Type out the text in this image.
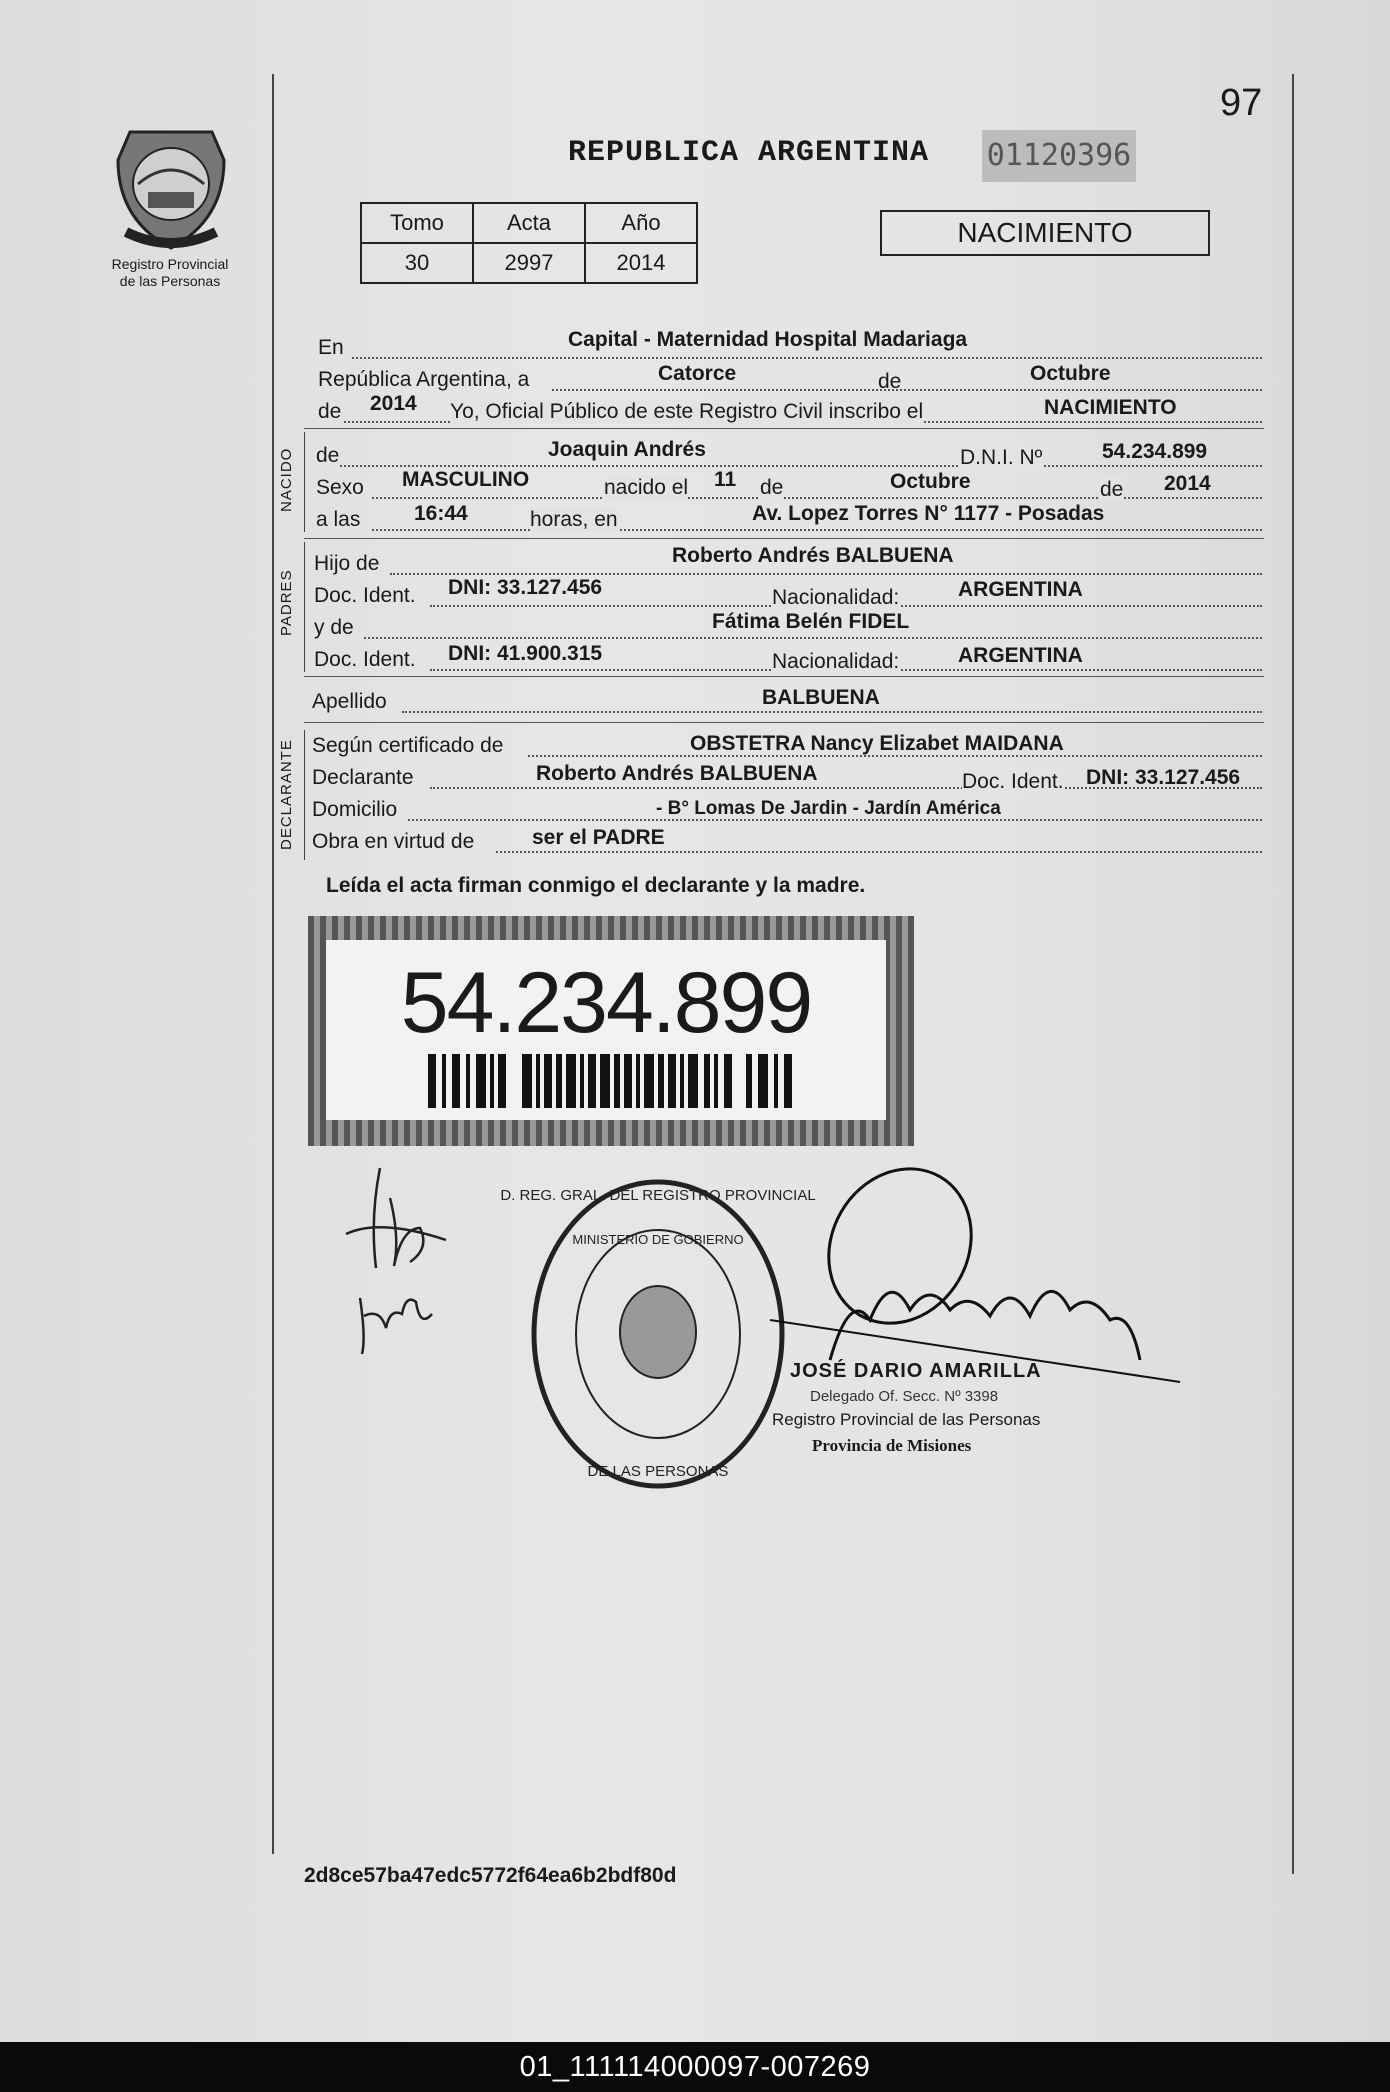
Registro Provincial
de las Personas
97
REPUBLICA ARGENTINA 01120396
Tomo	Acta	Año
30	2997	2014
NACIMIENTO
En	Capital - Maternidad Hospital Madariaga
República Argentina, a	Catorce	de	Octubre
de 2014 Yo, Oficial Público de este Registro Civil inscribo el	NACIMIENTO
NACIDO de	Joaquin Andrés	D.N.I. Nº	54.234.899
Sexo MASCULINO	nacido el 11 de	Octubre	de 2014
a las	16:44	horas, en	Av. Lopez Torres N° 1177 - Posadas
PADRES
Hijo de	Roberto Andrés BALBUENA
Doc. Ident. DNI: 33.127.456	Nacionalidad:	ARGENTINA
y de	Fátima Belén FIDEL
Doc. Ident. DNI: 41.900.315	Nacionalidad:	ARGENTINA
Apellido	BALBUENA
DECLARANTE Según certificado de	OBSTETRA Nancy Elizabet MAIDANA
Declarante	Roberto Andrés BALBUENA	Doc. Ident. DNI: 33.127.456
Domicilio	- B° Lomas De Jardin - Jardín América
Obra en virtud de	ser el PADRE
Leída el acta firman conmigo el declarante y la madre.
54.234.899
D. REG. GRAL. DEL REGISTRO PROVINCIAL
DE LAS PERSONAS
MINISTERIO DE GOBIERNO
JOSÉ DARIO AMARILLA
Delegado Of. Secc. Nº 3398
Registro Provincial de las Personas
Provincia de Misiones
2d8ce57ba47edc5772f64ea6b2bdf80d
01_111114000097-007269
